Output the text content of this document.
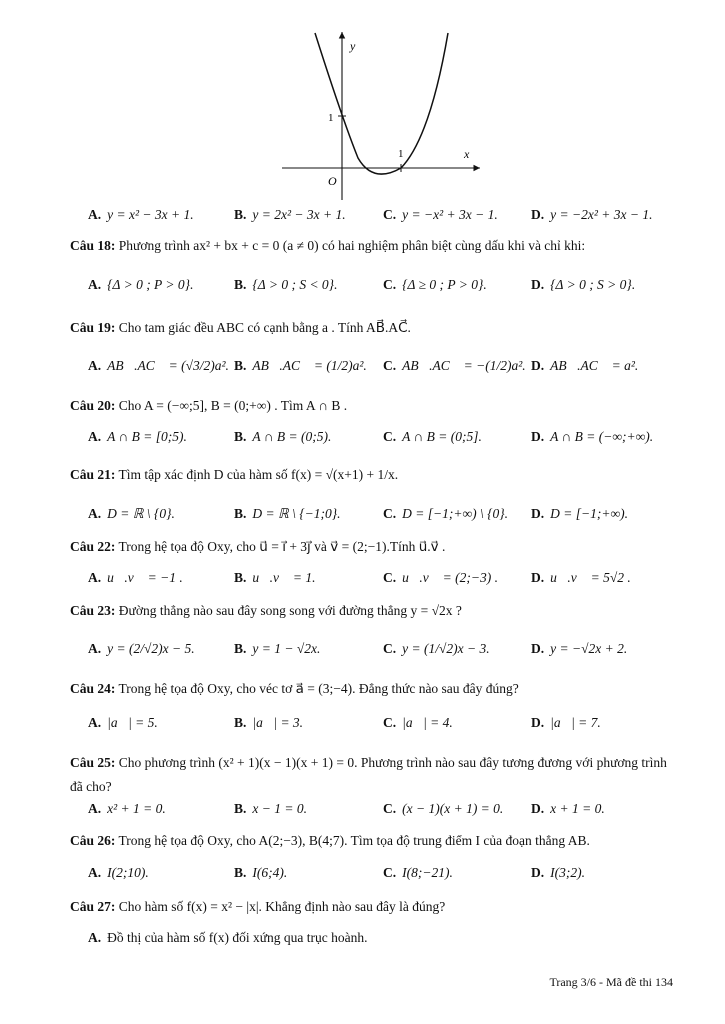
y
x
O
1
1
A. y = x² − 3x + 1.	B. y = 2x² − 3x + 1.	C. y = −x² + 3x − 1. D. y = −2x² + 3x − 1.
Câu 18: Phương trình ax² + bx + c = 0 (a ≠ 0) có hai nghiệm phân biệt cùng dấu khi và chỉ khi:
A. {Δ > 0 ; P > 0}.	B. {Δ > 0 ; S < 0}.	C. {Δ ≥ 0 ; P > 0}.	D. {Δ > 0 ; S > 0}.
Câu 19: Cho tam giác đều ABC có cạnh bằng a . Tính AB⃗.AC⃗.
A. AB⃗.AC⃗ = (√3/2)a². B. AB⃗.AC⃗ = (1/2)a². C. AB⃗.AC⃗ = −(1/2)a². D. AB⃗.AC⃗ = a².
Câu 20: Cho A = (−∞;5], B = (0;+∞) . Tìm A ∩ B .
A. A ∩ B = [0;5).	B. A ∩ B = (0;5).	C. A ∩ B = (0;5].	D. A ∩ B = (−∞;+∞).
Câu 21: Tìm tập xác định D của hàm số f(x) = √(x+1) + 1/x.
A. D = ℝ \ {0}.	B. D = ℝ \ {−1;0}.	C. D = [−1;+∞) \ {0}. D. D = [−1;+∞).
Câu 22: Trong hệ tọa độ Oxy, cho u⃗ = i⃗ + 3j⃗ và v⃗ = (2;−1).Tính u⃗.v⃗ .
A. u⃗.v⃗ = −1 .	B. u⃗.v⃗ = 1.	C. u⃗.v⃗ = (2;−3) . D. u⃗.v⃗ = 5√2 .
Câu 23: Đường thẳng nào sau đây song song với đường thẳng y = √2x ?
A. y = (2/√2)x − 5.	B. y = 1 − √2x.	C. y = (1/√2)x − 3.	D. y = −√2x + 2.
Câu 24: Trong hệ tọa độ Oxy, cho véc tơ a⃗ = (3;−4). Đẳng thức nào sau đây đúng?
A. |a⃗| = 5.	B. |a⃗| = 3.	C. |a⃗| = 4.	D. |a⃗| = 7.
Câu 25: Cho phương trình (x² + 1)(x − 1)(x + 1) = 0. Phương trình nào sau đây tương đương với phương trình đã cho?
A. x² + 1 = 0.	B. x − 1 = 0.	C. (x − 1)(x + 1) = 0. D. x + 1 = 0.
Câu 26: Trong hệ tọa độ Oxy, cho A(2;−3), B(4;7). Tìm tọa độ trung điểm I của đoạn thẳng AB.
A. I(2;10).	B. I(6;4).	C. I(8;−21).	D. I(3;2).
Câu 27: Cho hàm số f(x) = x² − |x|. Khẳng định nào sau đây là đúng?
A. Đồ thị của hàm số f(x) đối xứng qua trục hoành.
Trang 3/6 - Mã đề thi 134
